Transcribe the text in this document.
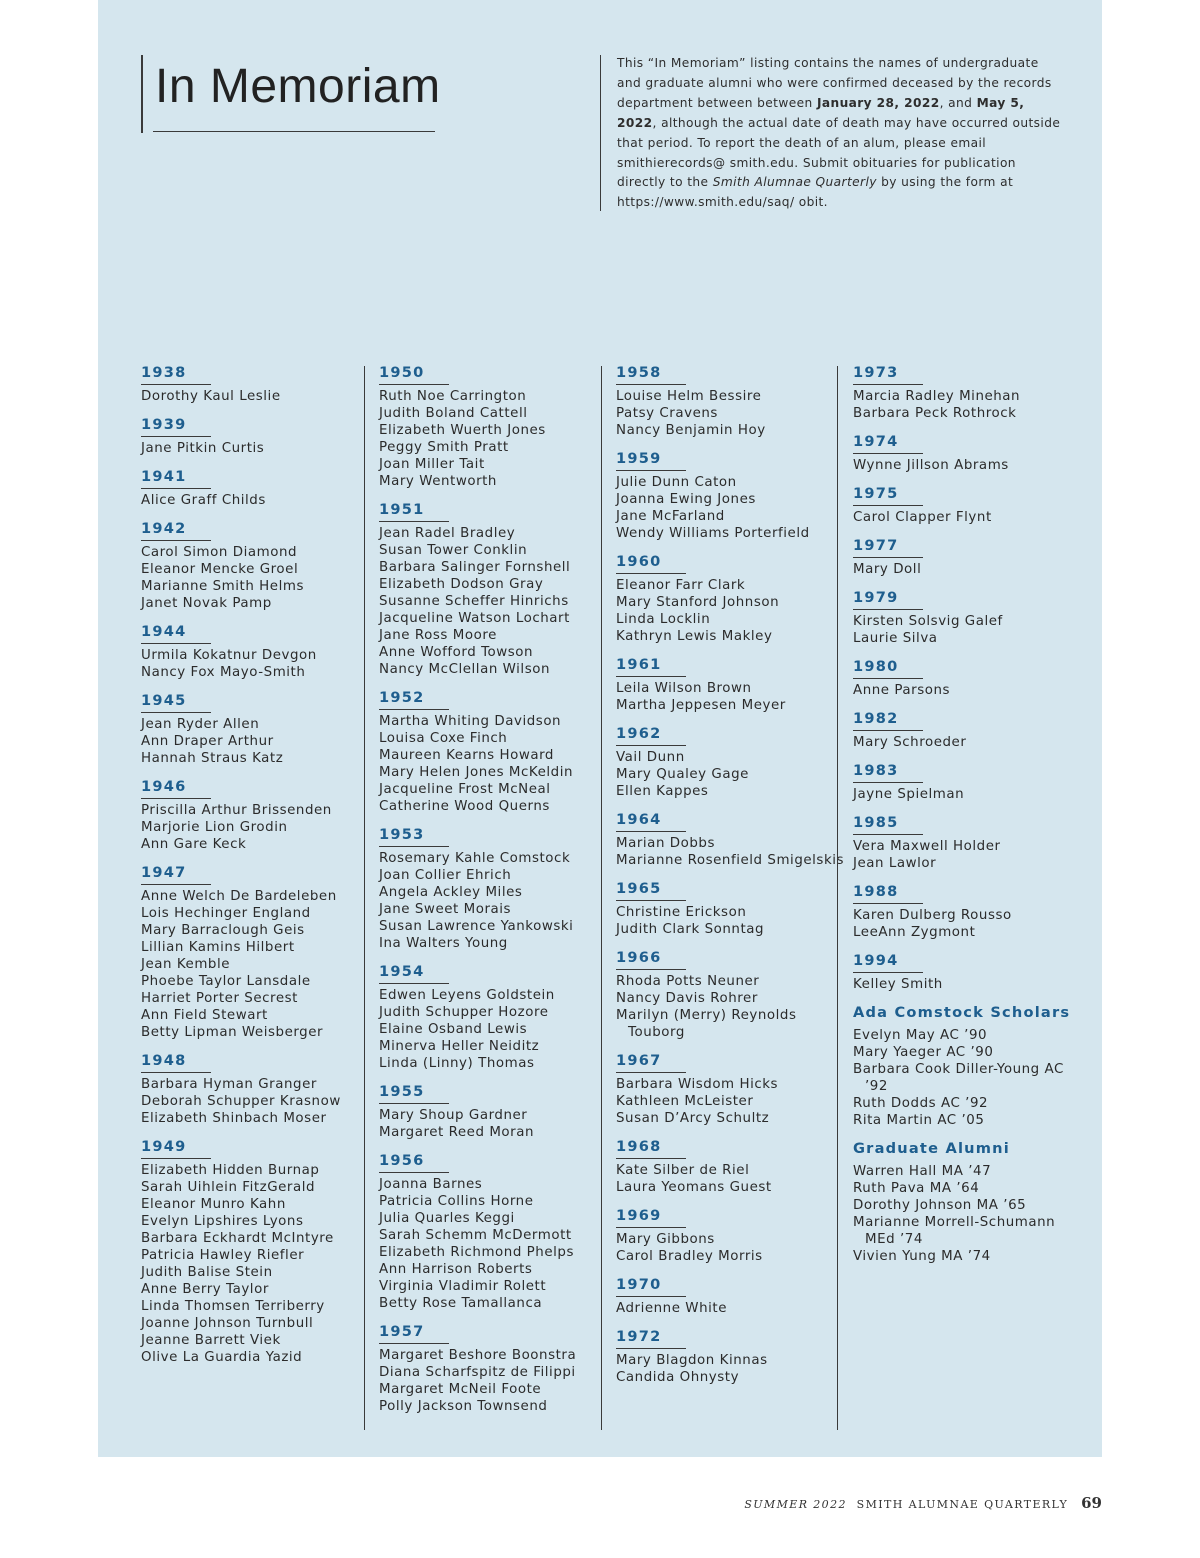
In Memoriam	This “In Memoriam” listing contains the names of undergraduate and graduate alumni who were confirmed deceased by the records department between between January 28, 2022, and May 5, 2022, although the actual date of death may have occurred outside that period. To report the death of an alum, please email smithierecords@ smith.edu. Submit obituaries for publication directly to the Smith Alumnae Quarterly by using the form at https://www.smith.edu/saq/ obit.
1938
Dorothy Kaul Leslie
1939
Jane Pitkin Curtis
1941
Alice Graff Childs
1942
Carol Simon Diamond
Eleanor Mencke Groel
Marianne Smith Helms
Janet Novak Pamp
1944
Urmila Kokatnur Devgon
Nancy Fox Mayo-Smith
1945
Jean Ryder Allen
Ann Draper Arthur
Hannah Straus Katz
1946
Priscilla Arthur Brissenden
Marjorie Lion Grodin
Ann Gare Keck
1947
Anne Welch De Bardeleben
Lois Hechinger England
Mary Barraclough Geis
Lillian Kamins Hilbert
Jean Kemble
Phoebe Taylor Lansdale
Harriet Porter Secrest
Ann Field Stewart
Betty Lipman Weisberger
1948
Barbara Hyman Granger
Deborah Schupper Krasnow
Elizabeth Shinbach Moser
1949
Elizabeth Hidden Burnap
Sarah Uihlein FitzGerald
Eleanor Munro Kahn
Evelyn Lipshires Lyons
Barbara Eckhardt McIntyre
Patricia Hawley Riefler
Judith Balise Stein
Anne Berry Taylor
Linda Thomsen Terriberry
Joanne Johnson Turnbull
Jeanne Barrett Viek
Olive La Guardia Yazid
1950
Ruth Noe Carrington
Judith Boland Cattell
Elizabeth Wuerth Jones
Peggy Smith Pratt
Joan Miller Tait
Mary Wentworth
1951
Jean Radel Bradley
Susan Tower Conklin
Barbara Salinger Fornshell
Elizabeth Dodson Gray
Susanne Scheffer Hinrichs
Jacqueline Watson Lochart
Jane Ross Moore
Anne Wofford Towson
Nancy McClellan Wilson
1952
Martha Whiting Davidson
Louisa Coxe Finch
Maureen Kearns Howard
Mary Helen Jones McKeldin
Jacqueline Frost McNeal
Catherine Wood Querns
1953
Rosemary Kahle Comstock
Joan Collier Ehrich
Angela Ackley Miles
Jane Sweet Morais
Susan Lawrence Yankowski
Ina Walters Young
1954
Edwen Leyens Goldstein
Judith Schupper Hozore
Elaine Osband Lewis
Minerva Heller Neiditz
Linda (Linny) Thomas
1955
Mary Shoup Gardner
Margaret Reed Moran
1956
Joanna Barnes
Patricia Collins Horne
Julia Quarles Keggi
Sarah Schemm McDermott
Elizabeth Richmond Phelps
Ann Harrison Roberts
Virginia Vladimir Rolett
Betty Rose Tamallanca
1957
Margaret Beshore Boonstra
Diana Scharfspitz de Filippi
Margaret McNeil Foote
Polly Jackson Townsend
1958
Louise Helm Bessire
Patsy Cravens
Nancy Benjamin Hoy
1959
Julie Dunn Caton
Joanna Ewing Jones
Jane McFarland
Wendy Williams Porterfield
1960
Eleanor Farr Clark
Mary Stanford Johnson
Linda Locklin
Kathryn Lewis Makley
1961
Leila Wilson Brown
Martha Jeppesen Meyer
1962
Vail Dunn
Mary Qualey Gage
Ellen Kappes
1964
Marian Dobbs
Marianne Rosenfield Smigelskis
1965
Christine Erickson
Judith Clark Sonntag
1966
Rhoda Potts Neuner
Nancy Davis Rohrer
Marilyn (Merry) Reynolds
Touborg
1967
Barbara Wisdom Hicks
Kathleen McLeister
Susan D’Arcy Schultz
1968
Kate Silber de Riel
Laura Yeomans Guest
1969
Mary Gibbons
Carol Bradley Morris
1970
Adrienne White
1972
Mary Blagdon Kinnas
Candida Ohnysty
1973
Marcia Radley Minehan
Barbara Peck Rothrock
1974
Wynne Jillson Abrams
1975
Carol Clapper Flynt
1977
Mary Doll
1979
Kirsten Solsvig Galef
Laurie Silva
1980
Anne Parsons
1982
Mary Schroeder
1983
Jayne Spielman
1985
Vera Maxwell Holder
Jean Lawlor
1988
Karen Dulberg Rousso
LeeAnn Zygmont
1994
Kelley Smith
Ada Comstock Scholars
Evelyn May AC ’90
Mary Yaeger AC ’90
Barbara Cook Diller-Young AC
’92
Ruth Dodds AC ’92
Rita Martin AC ’05
Graduate Alumni
Warren Hall MA ’47
Ruth Pava MA ’64
Dorothy Johnson MA ’65
Marianne Morrell-Schumann
MEd ’74
Vivien Yung MA ’74
SUMMER 2022 SMITH ALUMNAE QUARTERLY 69
